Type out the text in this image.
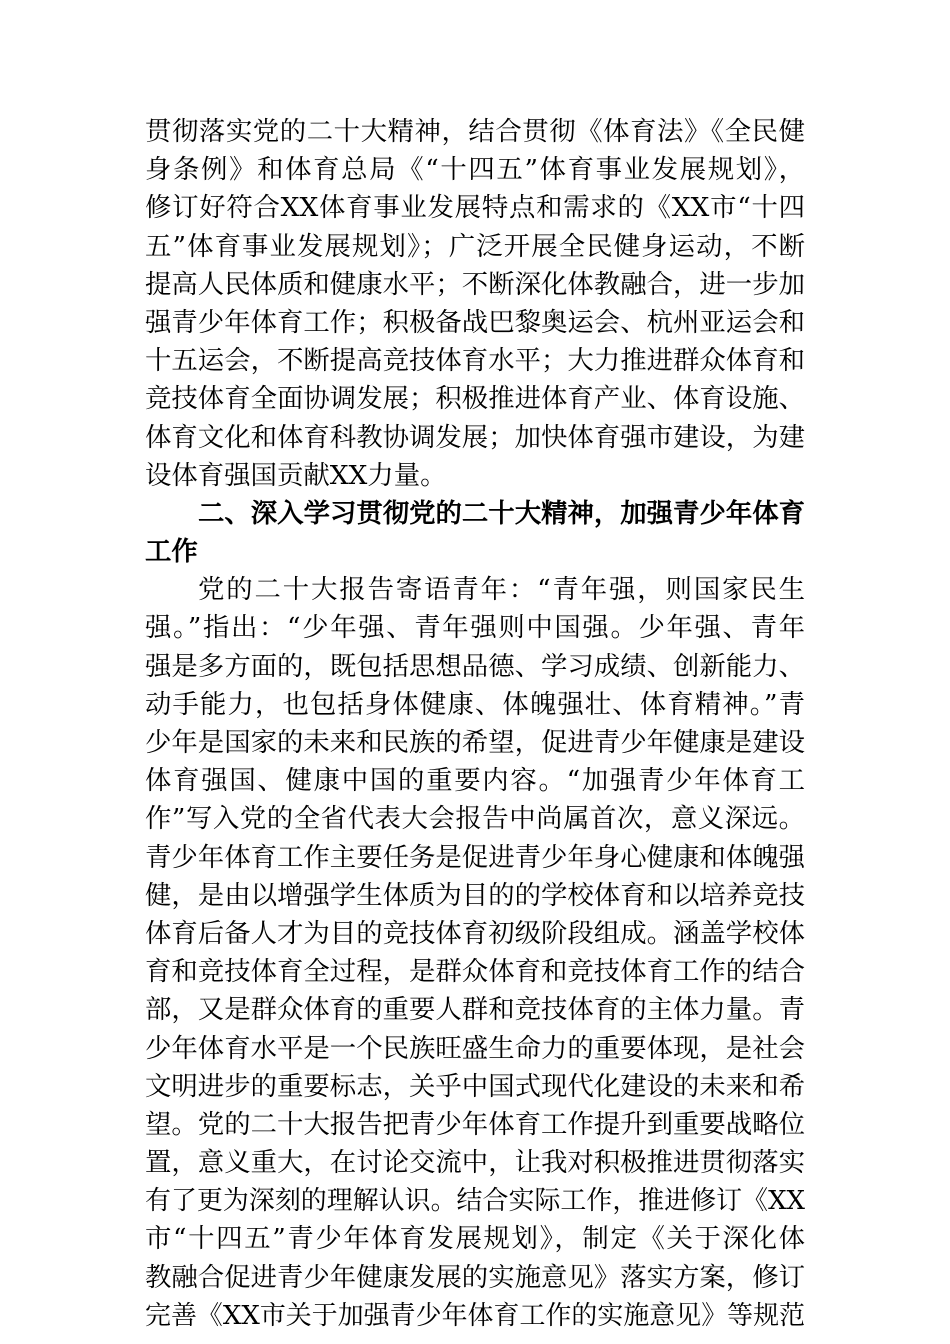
贯彻落实党的二十大精神，结合贯彻《体育法》《全民健
身条例》和体育总局《“十四五”体育事业发展规划》，
修订好符合XX体育事业发展特点和需求的《XX市“十四
五”体育事业发展规划》；广泛开展全民健身运动，不断
提高人民体质和健康水平；不断深化体教融合，进一步加
强青少年体育工作；积极备战巴黎奥运会、杭州亚运会和
十五运会，不断提高竞技体育水平；大力推进群众体育和
竞技体育全面协调发展；积极推进体育产业、体育设施、
体育文化和体育科教协调发展；加快体育强市建设，为建
设体育强国贡献XX力量。
二、深入学习贯彻党的二十大精神，加强青少年体育
工作
党的二十大报告寄语青年：“青年强，则国家民生
强。”指出：“少年强、青年强则中国强。少年强、青年
强是多方面的，既包括思想品德、学习成绩、创新能力、
动手能力，也包括身体健康、体魄强壮、体育精神。”青
少年是国家的未来和民族的希望，促进青少年健康是建设
体育强国、健康中国的重要内容。“加强青少年体育工
作”写入党的全省代表大会报告中尚属首次，意义深远。
青少年体育工作主要任务是促进青少年身心健康和体魄强
健，是由以增强学生体质为目的的学校体育和以培养竞技
体育后备人才为目的竞技体育初级阶段组成。涵盖学校体
育和竞技体育全过程，是群众体育和竞技体育工作的结合
部，又是群众体育的重要人群和竞技体育的主体力量。青
少年体育水平是一个民族旺盛生命力的重要体现，是社会
文明进步的重要标志，关乎中国式现代化建设的未来和希
望。党的二十大报告把青少年体育工作提升到重要战略位
置，意义重大，在讨论交流中，让我对积极推进贯彻落实
有了更为深刻的理解认识。结合实际工作，推进修订《XX
市“十四五”青少年体育发展规划》，制定《关于深化体
教融合促进青少年健康发展的实施意见》落实方案，修订
完善《XX市关于加强青少年体育工作的实施意见》等规范
